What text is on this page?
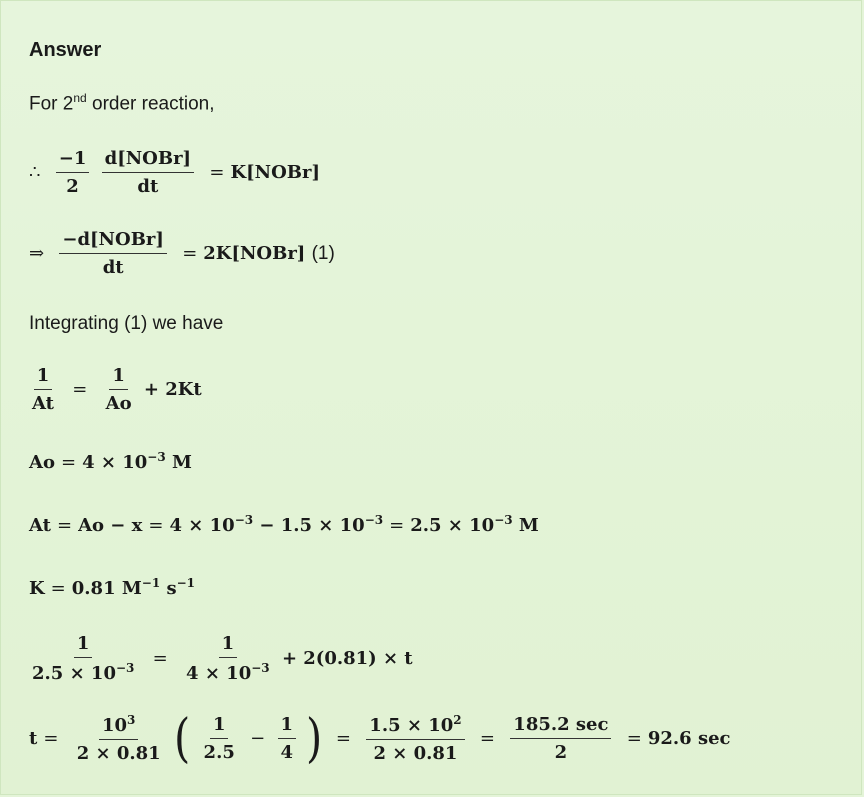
Answer
For 2nd order reaction,
∴ $\frac{-1}{2}$
$\frac{\text{d[NOBr]}}{dt}$ = K[NOBr]
⇒ $\frac{\text{−d[NOBr]}}{dt}$ = 2K[NOBr] (1)
Integrating (1) we have
$\frac{1}{At} = \frac{1}{Ao} + 2Kt$
$Ao = 4 \times 10^{-3}$ M
$At = Ao - x = 4 \times 10^{-3} - 1.5 \times 10^{-3} = 2.5 \times 10^{-3}$ M
K = 0.81 $M^{-1}$ $s^{-1}$
$\frac{1}{2.5 \times 10^{-3}} = \frac{1}{4 \times 10^{-3}} + 2(0.81) \times t$
$t = \frac{10^3}{2 \times 0.81}$ ( $\frac{1}{2.5} - \frac{1}{4}$ ) = $\frac{1.5 \times 10^2}{2 \times 0.81} = \frac{185.2 \sec}{2} = 92.6$ sec
